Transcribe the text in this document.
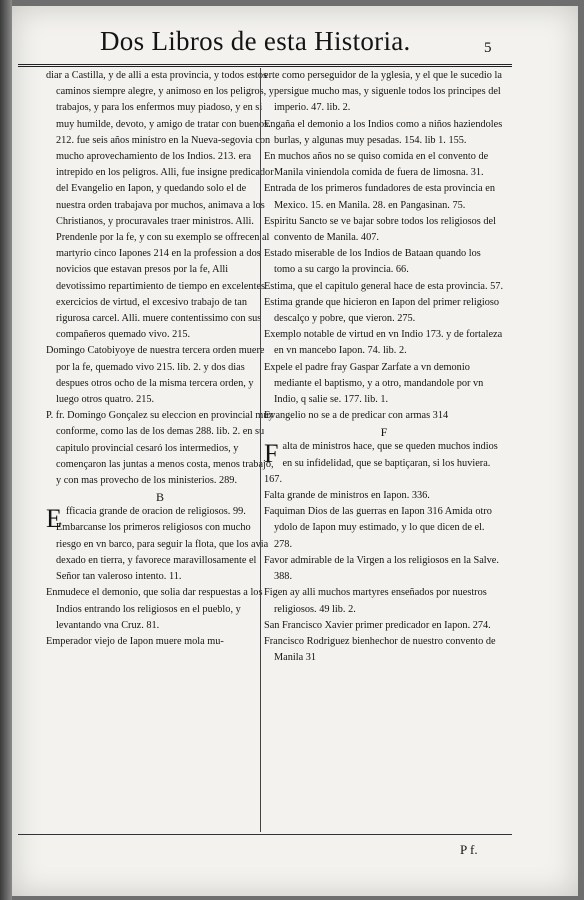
Dos Libros de esta Historia.	5

diar a Castilla, y de alli a esta provincia, y todos estos caminos siempre alegre, y animoso en los peligros, y trabajos, y para los enfermos muy piadoso, y en si muy humilde, devoto, y amigo de tratar con buenos. 212. fue seis años ministro en la Nueva-segovia con mucho aprovechamiento de los Indios. 213. era intrepido en los peligros. Alli, fue insigne predicador del Evangelio en Iapon, y quedando solo el de nuestra orden trabajava por muchos, animava a los Christianos, y procuravales traer ministros. Alli. Prendenle por la fe, y con su exemplo se offrecen al martyrio cinco Iapones 214 en la profession a dos novicios que estavan presos por la fe, Alli devotissimo repartimiento de tiempo en excelentes exercicios de virtud, el excesivo trabajo de tan rigurosa carcel. Alli. muere contentissimo con sus compañeros quemado vivo. 215.

Domingo Catobiyoye de nuestra tercera orden muere por la fe, quemado vivo 215. lib. 2. y dos dias despues otros ocho de la misma tercera orden, y luego otros quatro. 215.

P. fr. Domingo Gonçalez su eleccion en provincial muy conforme, como las de los demas 288. lib. 2. en su capitulo provincial cesaró los intermedios, y començaron las juntas a menos costa, menos trabajo, y con mas provecho de los ministerios. 289.

B

Efficacia grande de oracion de religiosos. 99.

Embarcanse los primeros religiosos con mucho riesgo en vn barco, para seguir la flota, que los avia dexado en tierra, y favorece maravillosamente el Señor tan valeroso intento. 11.

Enmudece el demonio, que solia dar respuestas a los Indios entrando los religiosos en el pueblo, y levantando vna Cruz. 81.

Emperador viejo de Iapon muere mola mu-

erte como perseguidor de la yglesia, y el que le sucedio la persigue mucho mas, y siguenle todos los principes del imperio. 47. lib. 2.

Engaña el demonio a los Indios como a niños haziendoles burlas, y algunas muy pesadas. 154. lib 1. 155.

En muchos años no se quiso comida en el convento de Manila viniendola comida de fuera de limosna. 31.

Entrada de los primeros fundadores de esta provincia en Mexico. 15. en Manila. 28. en Pangasinan. 75.

Espiritu Sancto se ve bajar sobre todos los religiosos del convento de Manila. 407.

Estado miserable de los Indios de Bataan quando los tomo a su cargo la provincia. 66.

Estima, que el capitulo general hace de esta provincia. 57.

Estima grande que hicieron en Iapon del primer religioso descalço y pobre, que vieron. 275.

Exemplo notable de virtud en vn Indio 173. y de fortaleza en vn mancebo Iapon. 74. lib. 2.

Expele el padre fray Gaspar Zarfate a vn demonio mediante el baptismo, y a otro, mandandole por vn Indio, q salie se. 177. lib. 1.

Evangelio no se a de predicar con armas 314

F

Falta de ministros hace, que se queden muchos indios en su infidelidad, que se baptiçaran, si los huviera. 167.

Falta grande de ministros en Iapon. 336.

Faquiman Dios de las guerras en Iapon 316 Amida otro ydolo de Iapon muy estimado, y lo que dicen de el. 278.

Favor admirable de la Virgen a los religiosos en la Salve. 388.

Figen ay alli muchos martyres enseñados por nuestros religiosos. 49 lib. 2.

San Francisco Xavier primer predicador en Iapon. 274.

Francisco Rodriguez bienhechor de nuestro convento de Manila 31

P f.
